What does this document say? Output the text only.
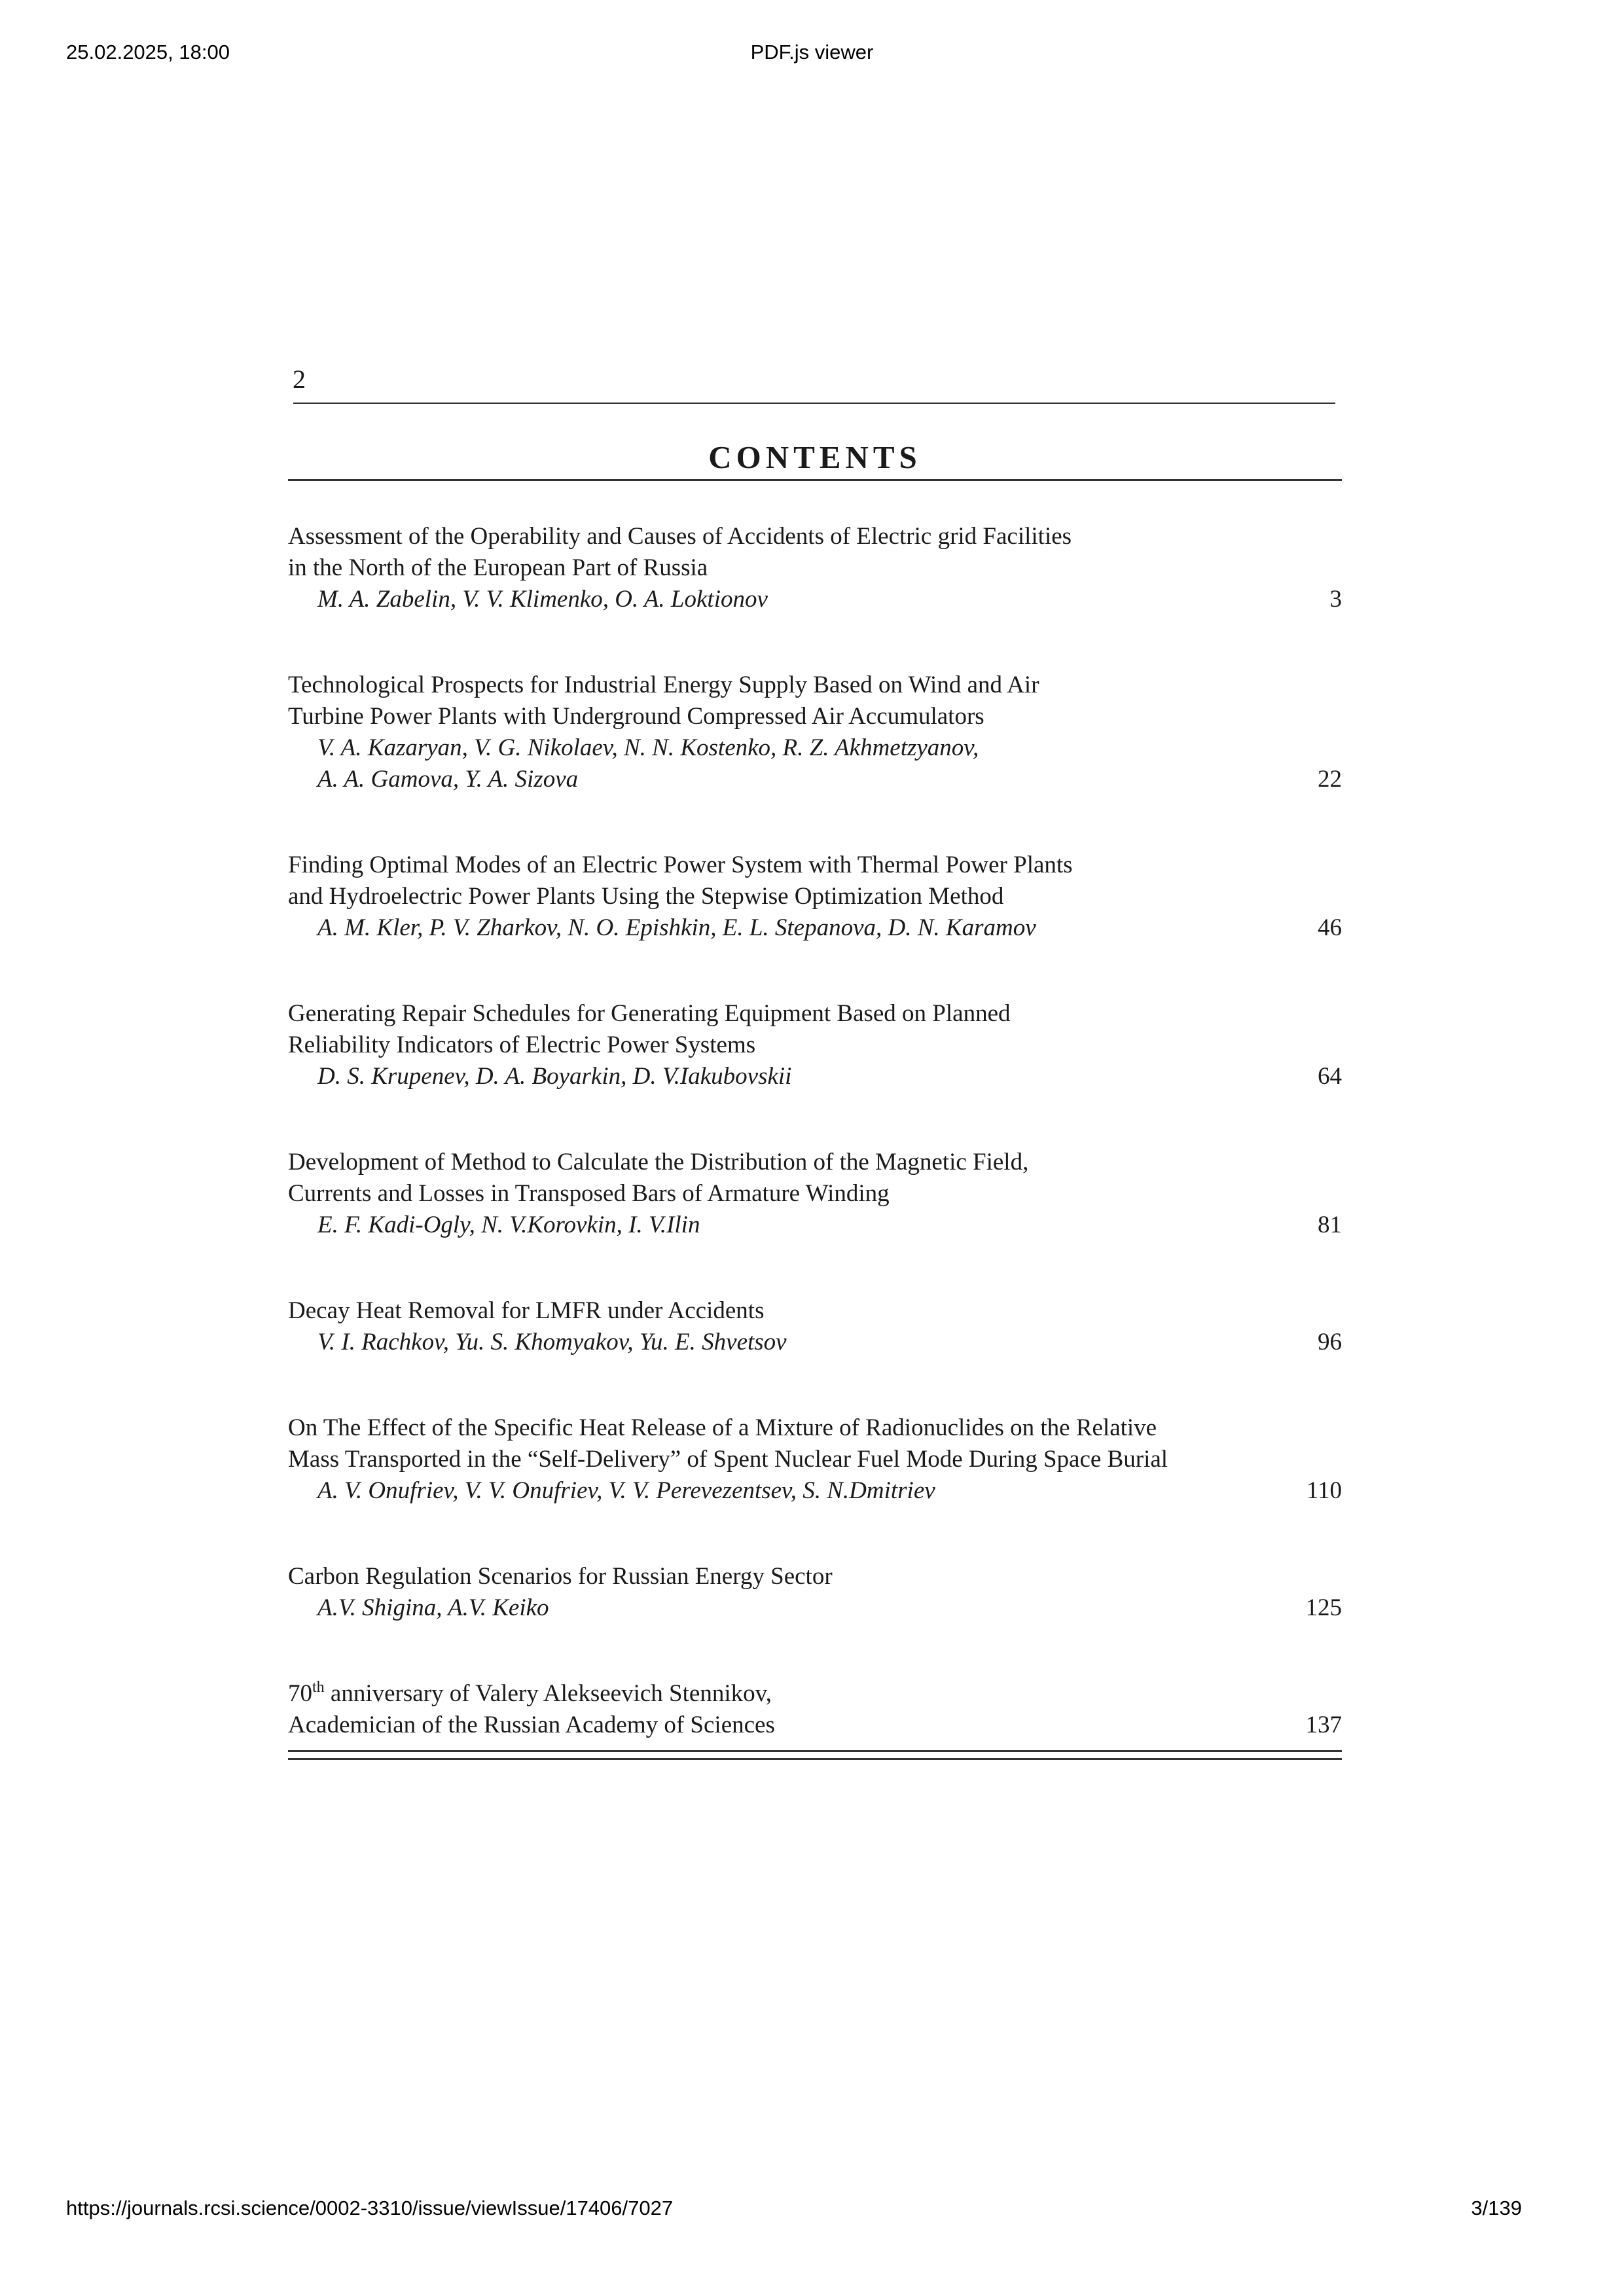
25.02.2025, 18:00	PDF.js viewer
2
CONTENTS
Assessment of the Operability and Causes of Accidents of Electric grid Facilities
in the North of the European Part of Russia
M. A. Zabelin, V. V. Klimenko, O. A. Loktionov	3
Technological Prospects for Industrial Energy Supply Based on Wind and Air
Turbine Power Plants with Underground Compressed Air Accumulators
V. A. Kazaryan, V. G. Nikolaev, N. N. Kostenko, R. Z. Akhmetzyanov,
A. A. Gamova, Y. A. Sizova	22
Finding Optimal Modes of an Electric Power System with Thermal Power Plants
and Hydroelectric Power Plants Using the Stepwise Optimization Method
A. M. Kler, P. V. Zharkov, N. O. Epishkin, E. L. Stepanova, D. N. Karamov	46
Generating Repair Schedules for Generating Equipment Based on Planned
Reliability Indicators of Electric Power Systems
D. S. Krupenev, D. A. Boyarkin, D. V.Iakubovskii	64
Development of Method to Calculate the Distribution of the Magnetic Field,
Currents and Losses in Transposed Bars of Armature Winding
E. F. Kadi-Ogly, N. V.Korovkin, I. V.Ilin	81
Decay Heat Removal for LMFR under Accidents
V. I. Rachkov, Yu. S. Khomyakov, Yu. E. Shvetsov	96
On The Effect of the Specific Heat Release of a Mixture of Radionuclides on the Relative
Mass Transported in the “Self-Delivery” of Spent Nuclear Fuel Mode During Space Burial
A. V. Onufriev, V. V. Onufriev, V. V. Perevezentsev, S. N.Dmitriev	110
Carbon Regulation Scenarios for Russian Energy Sector
A.V. Shigina, A.V. Keiko	125
70th anniversary of Valery Alekseevich Stennikov,
Academician of the Russian Academy of Sciences	137
https://journals.rcsi.science/0002-3310/issue/viewIssue/17406/7027	3/139
